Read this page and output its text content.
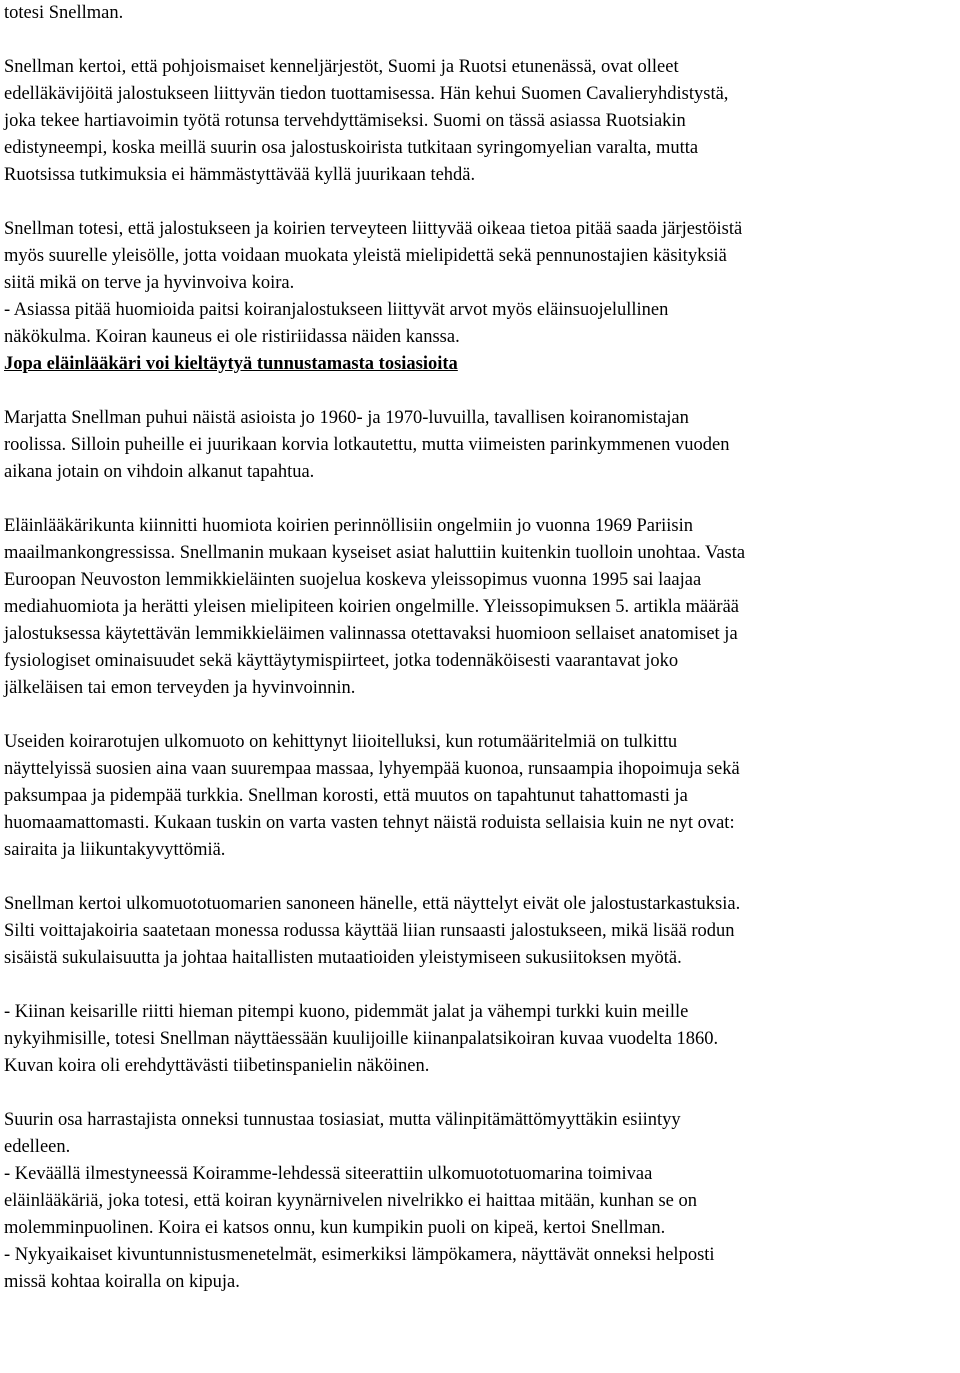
totesi Snellman.

Snellman kertoi, että pohjoismaiset kenneljärjestöt, Suomi ja Ruotsi etunenässä, ovat olleet
edelläkävijöitä jalostukseen liittyvän tiedon tuottamisessa. Hän kehui Suomen Cavalieryhdistystä,
joka tekee hartiavoimin työtä rotunsa tervehdyttämiseksi. Suomi on tässä asiassa Ruotsiakin
edistyneempi, koska meillä suurin osa jalostuskoirista tutkitaan syringomyelian varalta, mutta
Ruotsissa tutkimuksia ei hämmästyttävää kyllä juurikaan tehdä.

Snellman totesi, että jalostukseen ja koirien terveyteen liittyvää oikeaa tietoa pitää saada järjestöistä
myös suurelle yleisölle, jotta voidaan muokata yleistä mielipidettä sekä pennunostajien käsityksiä
siitä mikä on terve ja hyvinvoiva koira.
- Asiassa pitää huomioida paitsi koiranjalostukseen liittyvät arvot myös eläinsuojelullinen
näkökulma. Koiran kauneus ei ole ristiriidassa näiden kanssa.

Jopa eläinlääkäri voi kieltäytyä tunnustamasta tosiasioita

Marjatta Snellman puhui näistä asioista jo 1960- ja 1970-luvuilla, tavallisen koiranomistajan
roolissa. Silloin puheille ei juurikaan korvia lotkautettu, mutta viimeisten parinkymmenen vuoden
aikana jotain on vihdoin alkanut tapahtua.

Eläinlääkärikunta kiinnitti huomiota koirien perinnöllisiin ongelmiin jo vuonna 1969 Pariisin
maailmankongressissa. Snellmanin mukaan kyseiset asiat haluttiin kuitenkin tuolloin unohtaa. Vasta
Euroopan Neuvoston lemmikkieläinten suojelua koskeva yleissopimus vuonna 1995 sai laajaa
mediahuomiota ja herätti yleisen mielipiteen koirien ongelmille. Yleissopimuksen 5. artikla määrää
jalostuksessa käytettävän lemmikkieläimen valinnassa otettavaksi huomioon sellaiset anatomiset ja
fysiologiset ominaisuudet sekä käyttäytymispiirteet, jotka todennäköisesti vaarantavat joko
jälkeläisen tai emon terveyden ja hyvinvoinnin.

Useiden koirarotujen ulkomuoto on kehittynyt liioitelluksi, kun rotumääritelmiä on tulkittu
näyttelyissä suosien aina vaan suurempaa massaa, lyhyempää kuonoa, runsaampia ihopoimuja sekä
paksumpaa ja pidempää turkkia. Snellman korosti, että muutos on tapahtunut tahattomasti ja
huomaamattomasti. Kukaan tuskin on varta vasten tehnyt näistä roduista sellaisia kuin ne nyt ovat:
sairaita ja liikuntakyvyttömiä.

Snellman kertoi ulkomuototuomarien sanoneen hänelle, että näyttelyt eivät ole jalostustarkastuksia.
Silti voittajakoiria saatetaan monessa rodussa käyttää liian runsaasti jalostukseen, mikä lisää rodun
sisäistä sukulaisuutta ja johtaa haitallisten mutaatioiden yleistymiseen sukusiitoksen myötä.

- Kiinan keisarille riitti hieman pitempi kuono, pidemmät jalat ja vähempi turkki kuin meille
nykyihmisille, totesi Snellman näyttäessään kuulijoille kiinanpalatsikoiran kuvaa vuodelta 1860.
Kuvan koira oli erehdyttävästi tiibetinspanielin näköinen.

Suurin osa harrastajista onneksi tunnustaa tosiasiat, mutta välinpitämättömyyttäkin esiintyy
edelleen.
- Keväällä ilmestyneessä Koiramme-lehdessä siteerattiin ulkomuototuomarina toimivaa
eläinlääkäriä, joka totesi, että koiran kyynärnivelen nivelrikko ei haittaa mitään, kunhan se on
molemminpuolinen. Koira ei katsos onnu, kun kumpikin puoli on kipeä, kertoi Snellman.
- Nykyaikaiset kivuntunnistusmenetelmät, esimerkiksi lämpökamera, näyttävät onneksi helposti
missä kohtaa koiralla on kipuja.
